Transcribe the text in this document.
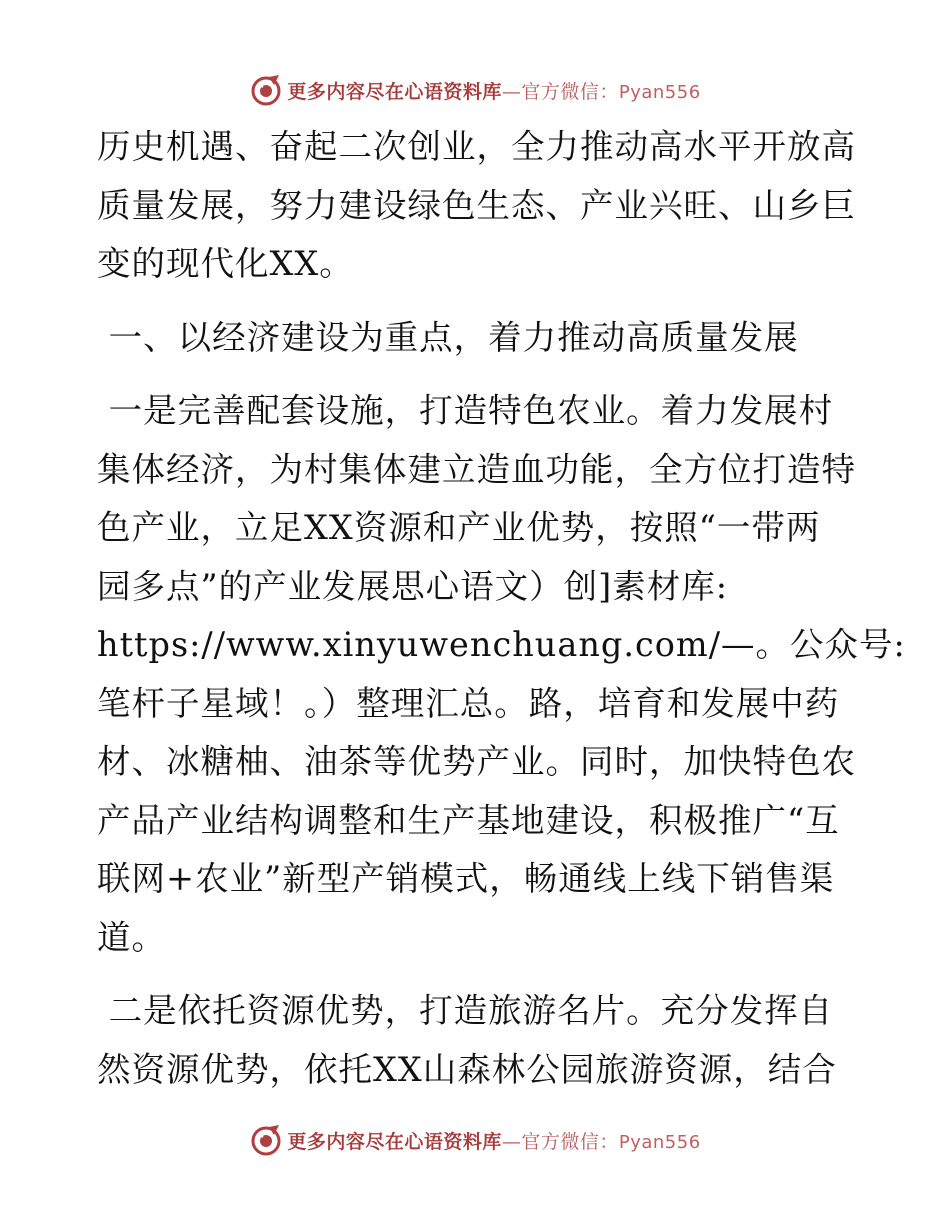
更多内容尽在心语资料库—官方微信：Pyan556

历史机遇、奋起二次创业，全力推动高水平开放高
质量发展，努力建设绿色生态、产业兴旺、山乡巨
变的现代化XX。

一、以经济建设为重点，着力推动高质量发展

一是完善配套设施，打造特色农业。着力发展村
集体经济，为村集体建立造血功能，全方位打造特
色产业，立足XX资源和产业优势，按照“一带两
园多点”的产业发展思心语文）创]素材库:
https://www.xinyuwenchuang.com/—。公众号:
笔杆子星域！。）整理汇总。路，培育和发展中药
材、冰糖柚、油茶等优势产业。同时，加快特色农
产品产业结构调整和生产基地建设，积极推广“互
联网+农业”新型产销模式，畅通线上线下销售渠
道。

二是依托资源优势，打造旅游名片。充分发挥自
然资源优势，依托XX山森林公园旅游资源，结合

更多内容尽在心语资料库—官方微信：Pyan556
